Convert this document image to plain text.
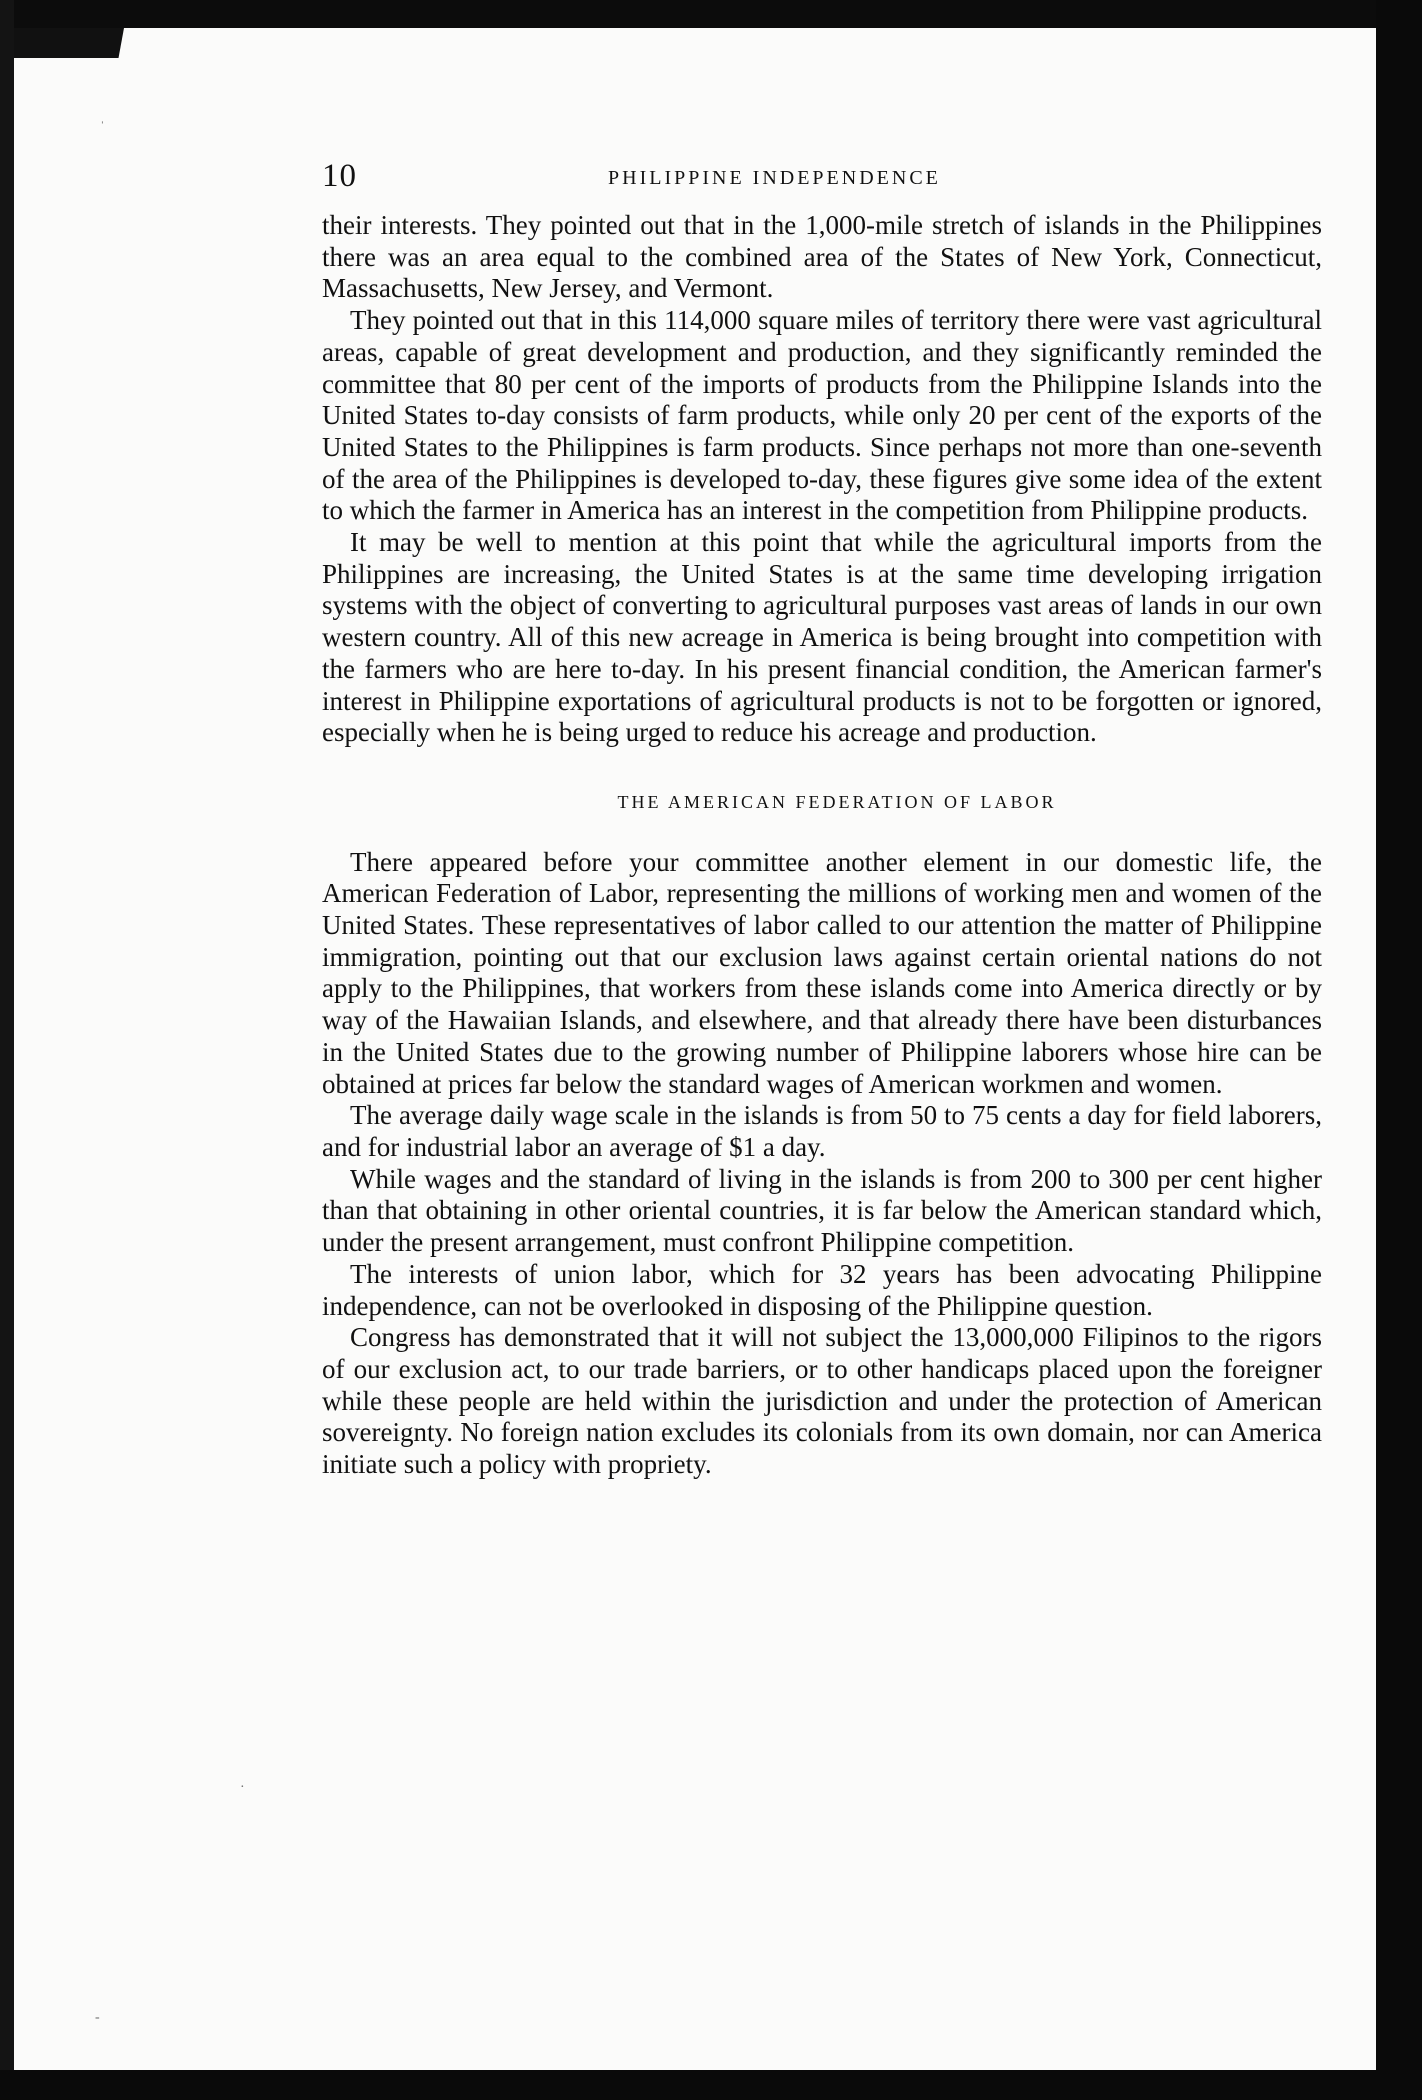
ˈ
·
-
10	PHILIPPINE INDEPENDENCE

their interests. They pointed out that in the 1,000-mile stretch of islands in the Philippines there was an area equal to the combined area of the States of New York, Connecticut, Massachusetts, New Jersey, and Vermont.

They pointed out that in this 114,000 square miles of territory there were vast agricultural areas, capable of great development and production, and they significantly reminded the committee that 80 per cent of the imports of products from the Philippine Islands into the United States to-day consists of farm products, while only 20 per cent of the exports of the United States to the Philippines is farm products. Since perhaps not more than one-seventh of the area of the Philippines is developed to-day, these figures give some idea of the extent to which the farmer in America has an interest in the competition from Philippine products.

It may be well to mention at this point that while the agricultural imports from the Philippines are increasing, the United States is at the same time developing irrigation systems with the object of converting to agricultural purposes vast areas of lands in our own western country. All of this new acreage in America is being brought into competition with the farmers who are here to-day. In his present financial condition, the American farmer's interest in Philippine exportations of agricultural products is not to be forgotten or ignored, especially when he is being urged to reduce his acreage and production.

THE AMERICAN FEDERATION OF LABOR

There appeared before your committee another element in our domestic life, the American Federation of Labor, representing the millions of working men and women of the United States. These representatives of labor called to our attention the matter of Philippine immigration, pointing out that our exclusion laws against certain oriental nations do not apply to the Philippines, that workers from these islands come into America directly or by way of the Hawaiian Islands, and elsewhere, and that already there have been disturbances in the United States due to the growing number of Philippine laborers whose hire can be obtained at prices far below the standard wages of American workmen and women.

The average daily wage scale in the islands is from 50 to 75 cents a day for field laborers, and for industrial labor an average of $1 a day.

While wages and the standard of living in the islands is from 200 to 300 per cent higher than that obtaining in other oriental countries, it is far below the American standard which, under the present arrangement, must confront Philippine competition.

The interests of union labor, which for 32 years has been advocating Philippine independence, can not be overlooked in disposing of the Philippine question.

Congress has demonstrated that it will not subject the 13,000,000 Filipinos to the rigors of our exclusion act, to our trade barriers, or to other handicaps placed upon the foreigner while these people are held within the jurisdiction and under the protection of American sovereignty. No foreign nation excludes its colonials from its own domain, nor can America initiate such a policy with propriety.
